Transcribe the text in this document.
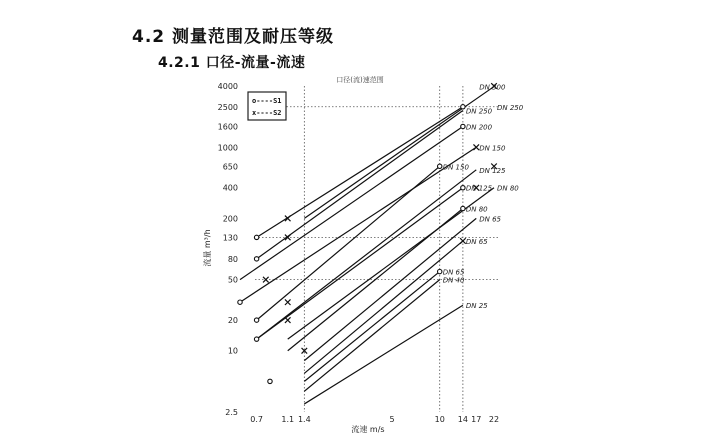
4.2 测量范围及耐压等级
4.2.1 口径-流量-流速
口径(流)速范围
DN 300
DN 250
DN 250
DN 200
DN 150
DN 150 DN 125
DN 125 DN 80
DN 80
DN 65
DN 65
DN 65
DN 40
DN 25
0.7 1.1 1.4	5	10 14 17 22
4000
2500
1600
1000
650
400
200
130
80
50
20
10
2.5
流速 m/s
流量 m³/h
o----S1
x----S2
